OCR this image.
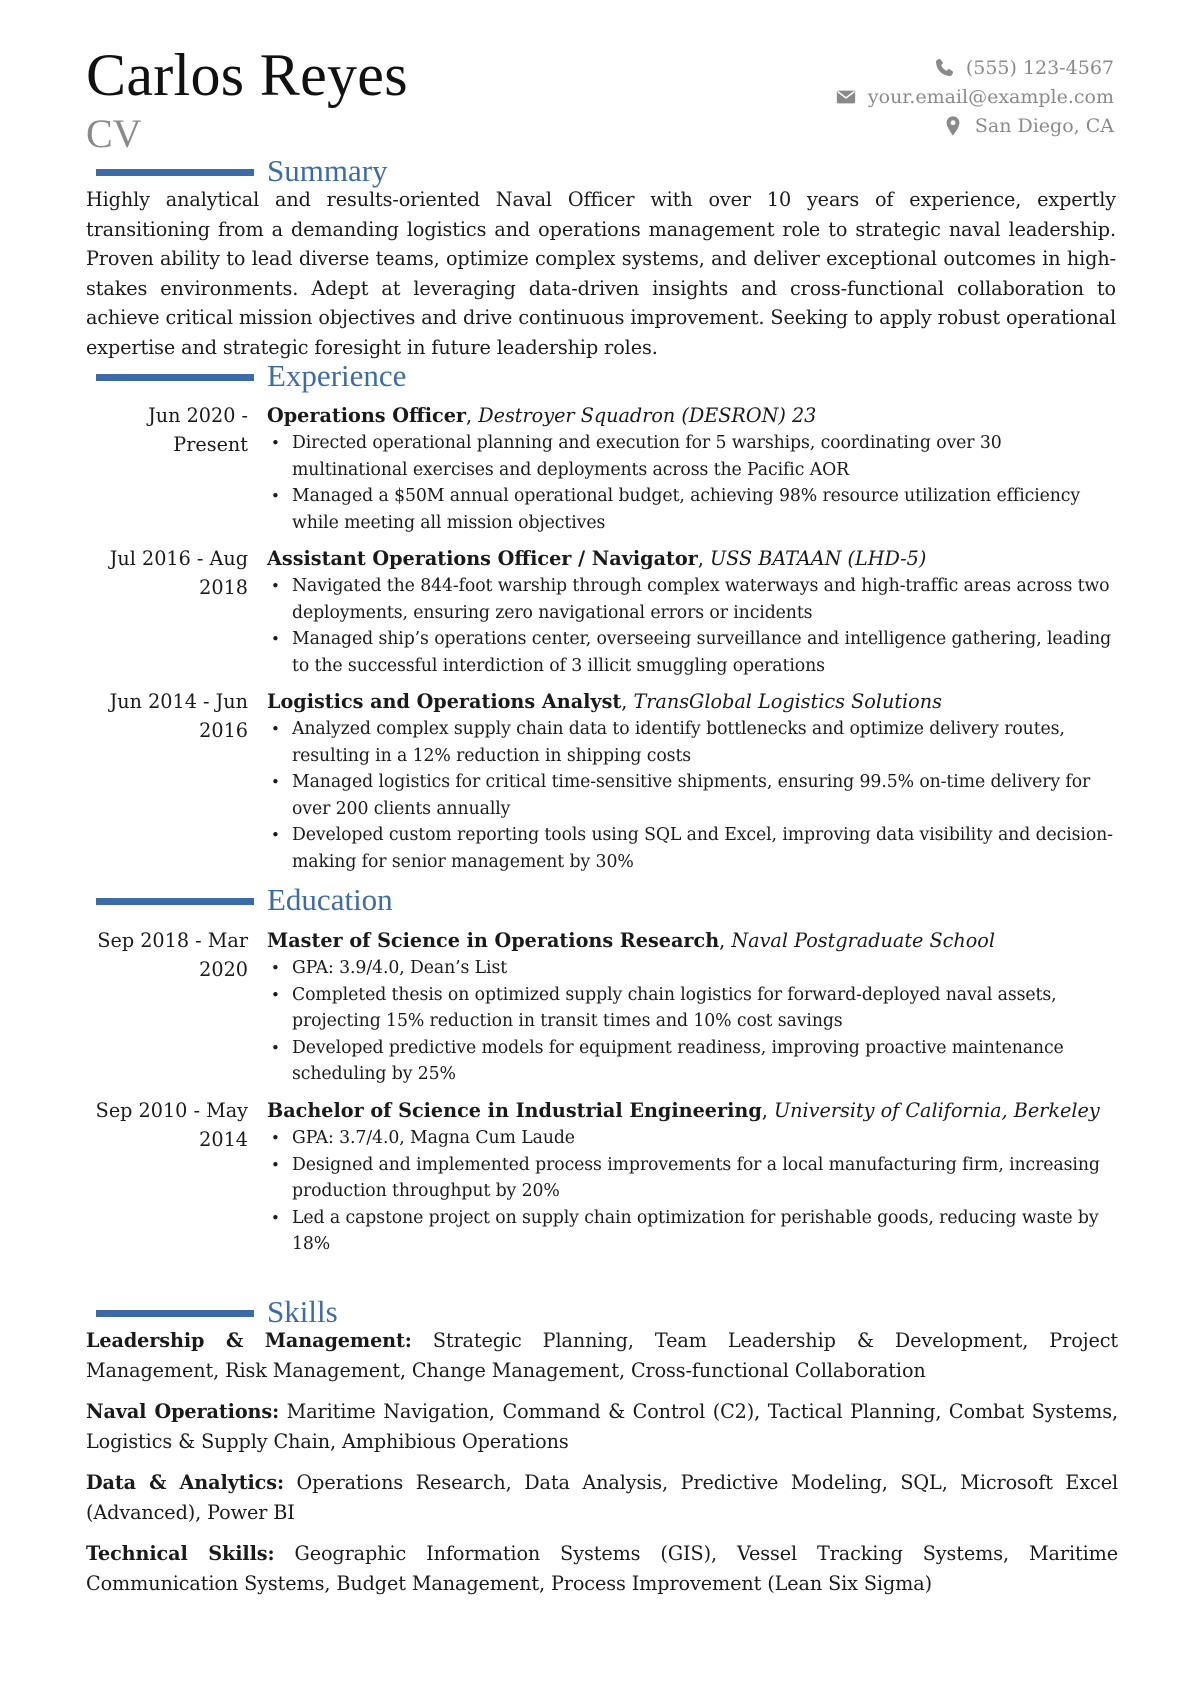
Carlos Reyes
CV
(555) 123-4567
your.email@example.com
San Diego, CA
Summary

Highly analytical and results-oriented Naval Officer with over 10 years of experience, expertly transitioning from a demanding logistics and operations management role to strategic naval leadership. Proven ability to lead diverse teams, optimize complex systems, and deliver exceptional outcomes in high-stakes environments. Adept at leveraging data-driven insights and cross-functional collaboration to achieve critical mission objectives and drive continuous improvement. Seeking to apply robust operational expertise and strategic foresight in future leadership roles.

Experience
Jun 2020 - Present
Operations Officer, Destroyer Squadron (DESRON) 23
• Directed operational planning and execution for 5 warships, coordinating over 30 multinational exercises and deployments across the Pacific AOR
• Managed a $50M annual operational budget, achieving 98% resource utilization efficiency while meeting all mission objectives
Jul 2016 - Aug 2018
Assistant Operations Officer / Navigator, USS BATAAN (LHD-5)
• Navigated the 844-foot warship through complex waterways and high-traffic areas across two deployments, ensuring zero navigational errors or incidents
• Managed ship’s operations center, overseeing surveillance and intelligence gathering, leading to the successful interdiction of 3 illicit smuggling operations
Jun 2014 - Jun 2016
Logistics and Operations Analyst, TransGlobal Logistics Solutions
• Analyzed complex supply chain data to identify bottlenecks and optimize delivery routes, resulting in a 12% reduction in shipping costs
• Managed logistics for critical time-sensitive shipments, ensuring 99.5% on-time delivery for over 200 clients annually
• Developed custom reporting tools using SQL and Excel, improving data visibility and decision-making for senior management by 30%
Education
Sep 2018 - Mar 2020
Master of Science in Operations Research, Naval Postgraduate School
• GPA: 3.9/4.0, Dean’s List
• Completed thesis on optimized supply chain logistics for forward-deployed naval assets, projecting 15% reduction in transit times and 10% cost savings
• Developed predictive models for equipment readiness, improving proactive maintenance scheduling by 25%
Sep 2010 - May 2014
Bachelor of Science in Industrial Engineering, University of California, Berkeley
• GPA: 3.7/4.0, Magna Cum Laude
• Designed and implemented process improvements for a local manufacturing firm, increasing production throughput by 20%
• Led a capstone project on supply chain optimization for perishable goods, reducing waste by 18%
Skills

Leadership & Management: Strategic Planning, Team Leadership & Development, Project Management, Risk Management, Change Management, Cross-functional Collaboration

Naval Operations: Maritime Navigation, Command & Control (C2), Tactical Planning, Combat Systems, Logistics & Supply Chain, Amphibious Operations

Data & Analytics: Operations Research, Data Analysis, Predictive Modeling, SQL, Microsoft Excel (Advanced), Power BI

Technical Skills: Geographic Information Systems (GIS), Vessel Tracking Systems, Maritime Communication Systems, Budget Management, Process Improvement (Lean Six Sigma)
